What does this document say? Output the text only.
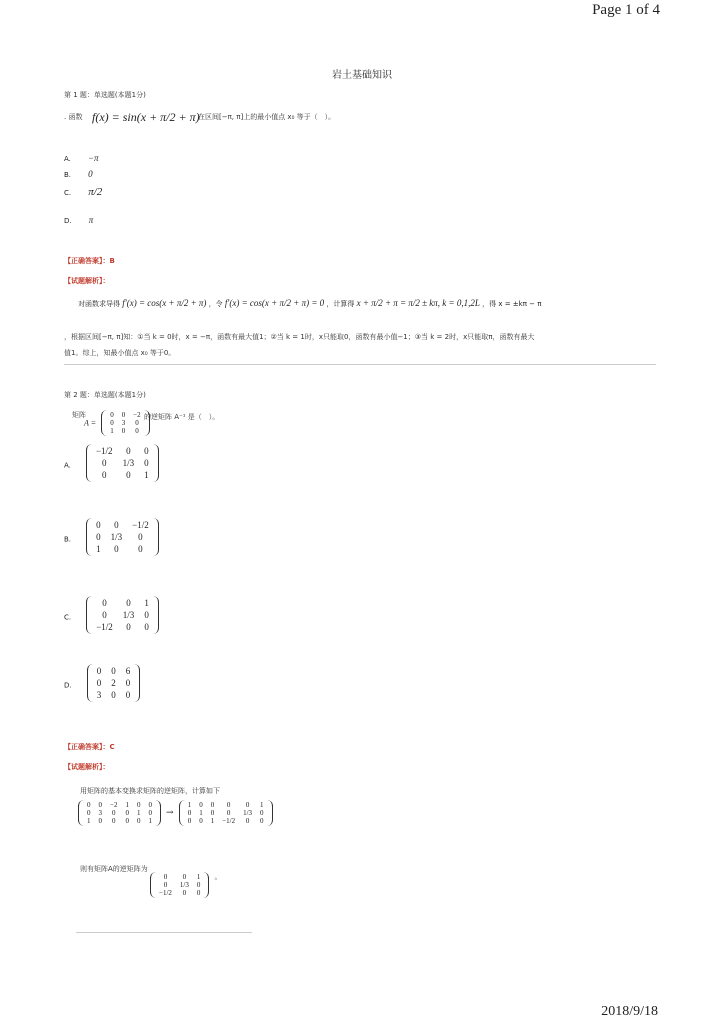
Page 1 of 4
岩土基础知识
第 1 题：单选题(本题1分)
. 函数 f(x) = sin(x + π/2 + π)
在区间[−π, π]上的最小值点 x₀ 等于（　）。
A. −π
B. 0
C. π/2
D. π
【正确答案】：B
【试题解析】：
对函数求导得 f′(x) = cos(x + π/2 + π) ，令 f′(x) = cos(x + π/2 + π) = 0 ，计算得 x + π/2 + π = π/2 ± kπ, k = 0,1,2L ，得 x = ±kπ − π
，根据区间[−π, π]知：①当 k = 0时，x = −π，函数有最大值1；②当 k = 1时，x只能取0，函数有最小值−1；③当 k = 2时，x只能取π，函数有最大
值1。综上，知最小值点 x₀ 等于0。
第 2 题：单选题(本题1分)
矩阵
A =
0	0	−2
0	3	0
1	0	0
的逆矩阵 A⁻¹ 是（　）。
A.
−1/2	0	0
0	1/3	0
0	0	1
B.
0	0	−1/2
0	1/3	0
1	0	0
C.
0	0	1
0	1/3	0
−1/2	0	0
D.
0	0	6
0	2	0
3	0	0
【正确答案】：C
【试题解析】：
用矩阵的基本变换求矩阵的逆矩阵，计算如下
0	0	−2	1	0	0
0	3	0	0	1	0
1	0	0	0	0	1
→
1	0	0	0	0	1
0	1	0	0	1/3	0
0	0	1	−1/2	0	0
则有矩阵A的逆矩阵为
0	0	1
0	1/3	0
−1/2	0	0
。
2018/9/18
